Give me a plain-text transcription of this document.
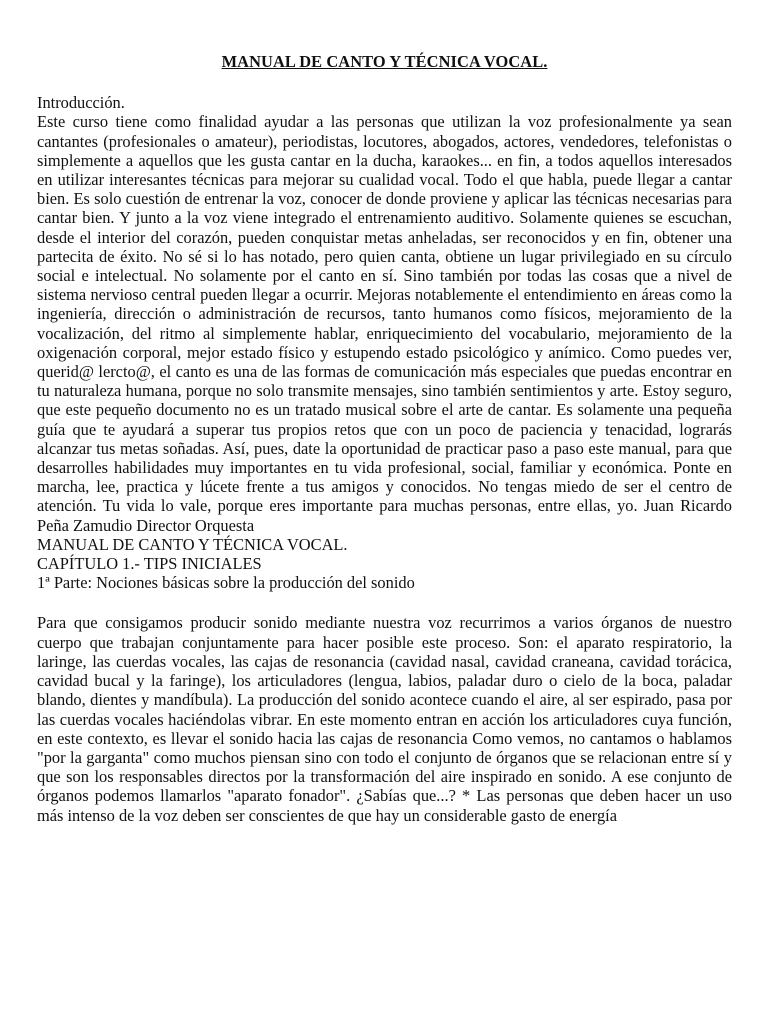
MANUAL DE CANTO Y TÉCNICA VOCAL.

Introducción.

Este curso tiene como finalidad ayudar a las personas que utilizan la voz profesionalmente ya sean cantantes (profesionales o amateur), periodistas, locutores, abogados, actores, vendedores, telefonistas o simplemente a aquellos que les gusta cantar en la ducha, karaokes... en fin, a todos aquellos interesados en utilizar interesantes técnicas para mejorar su cualidad vocal. Todo el que habla, puede llegar a cantar bien. Es solo cuestión de entrenar la voz, conocer de donde proviene y aplicar las técnicas necesarias para cantar bien. Y junto a la voz viene integrado el entrenamiento auditivo. Solamente quienes se escuchan, desde el interior del corazón, pueden conquistar metas anheladas, ser reconocidos y en fin, obtener una partecita de éxito. No sé si lo has notado, pero quien canta, obtiene un lugar privilegiado en su círculo social e intelectual. No solamente por el canto en sí. Sino también por todas las cosas que a nivel de sistema nervioso central pueden llegar a ocurrir. Mejoras notablemente el entendimiento en áreas como la ingeniería, dirección o administración de recursos, tanto humanos como físicos, mejoramiento de la vocalización, del ritmo al simplemente hablar, enriquecimiento del vocabulario, mejoramiento de la oxigenación corporal, mejor estado físico y estupendo estado psicológico y anímico. Como puedes ver, querid@ lercto@, el canto es una de las formas de comunicación más especiales que puedas encontrar en tu naturaleza humana, porque no solo transmite mensajes, sino también sentimientos y arte. Estoy seguro, que este pequeño documento no es un tratado musical sobre el arte de cantar. Es solamente una pequeña guía que te ayudará a superar tus propios retos que con un poco de paciencia y tenacidad, lograrás alcanzar tus metas soñadas. Así, pues, date la oportunidad de practicar paso a paso este manual, para que desarrolles habilidades muy importantes en tu vida profesional, social, familiar y económica. Ponte en marcha, lee, practica y lúcete frente a tus amigos y conocidos. No tengas miedo de ser el centro de atención. Tu vida lo vale, porque eres importante para muchas personas, entre ellas, yo. Juan Ricardo Peña Zamudio Director Orquesta

MANUAL DE CANTO Y TÉCNICA VOCAL.

CAPÍTULO 1.- TIPS INICIALES

1ª Parte: Nociones básicas sobre la producción del sonido

Para que consigamos producir sonido mediante nuestra voz recurrimos a varios órganos de nuestro cuerpo que trabajan conjuntamente para hacer posible este proceso. Son: el aparato respiratorio, la laringe, las cuerdas vocales, las cajas de resonancia (cavidad nasal, cavidad craneana, cavidad torácica, cavidad bucal y la faringe), los articuladores (lengua, labios, paladar duro o cielo de la boca, paladar blando, dientes y mandíbula). La producción del sonido acontece cuando el aire, al ser espirado, pasa por las cuerdas vocales haciéndolas vibrar. En este momento entran en acción los articuladores cuya función, en este contexto, es llevar el sonido hacia las cajas de resonancia Como vemos, no cantamos o hablamos "por la garganta" como muchos piensan sino con todo el conjunto de órganos que se relacionan entre sí y que son los responsables directos por la transformación del aire inspirado en sonido. A ese conjunto de órganos podemos llamarlos "aparato fonador". ¿Sabías que...? * Las personas que deben hacer un uso más intenso de la voz deben ser conscientes de que hay un considerable gasto de energía
